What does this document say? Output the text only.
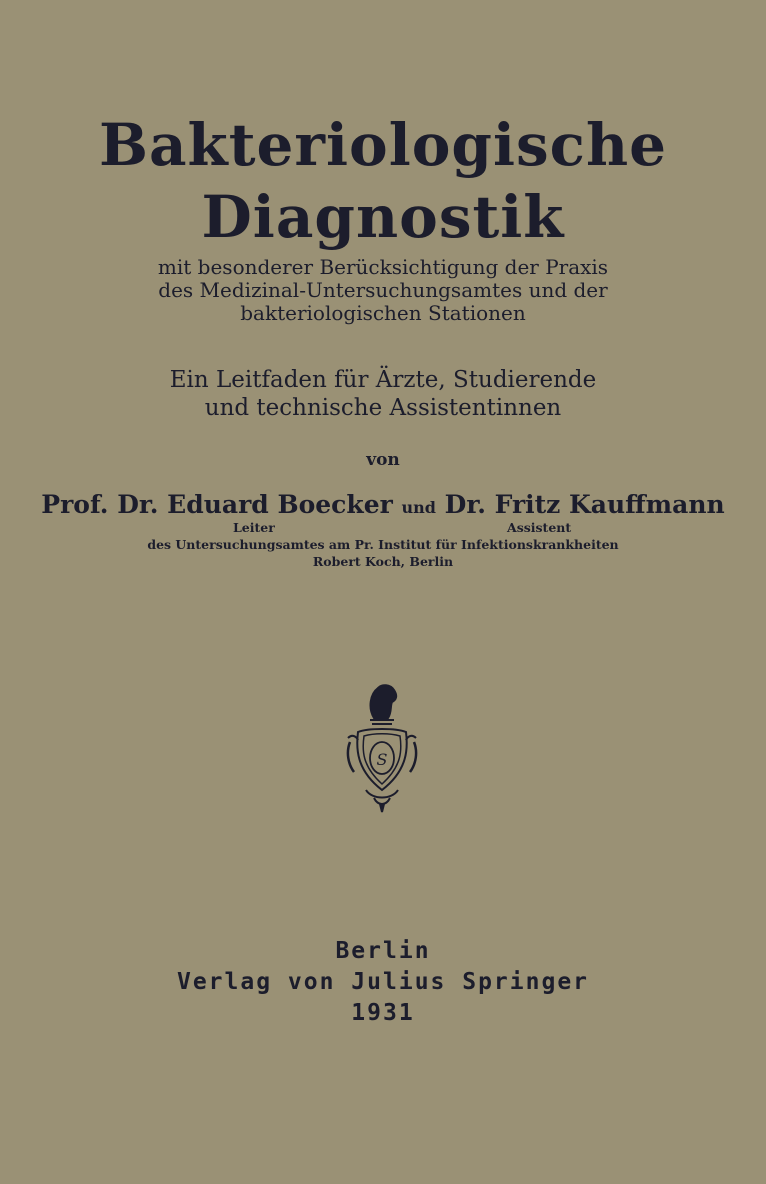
Bakteriologische
Diagnostik
mit besonderer Berücksichtigung der Praxis
des Medizinal-Untersuchungsamtes und der
bakteriologischen Stationen
Ein Leitfaden für Ärzte, Studierende
und technische Assistentinnen
von
Prof. Dr. Eduard Boecker und Dr. Fritz Kauffmann
Leiter	Assistent
des Untersuchungsamtes am Pr. Institut für Infektionskrankheiten
Robert Koch, Berlin
S
Berlin
Verlag von Julius Springer
1931
